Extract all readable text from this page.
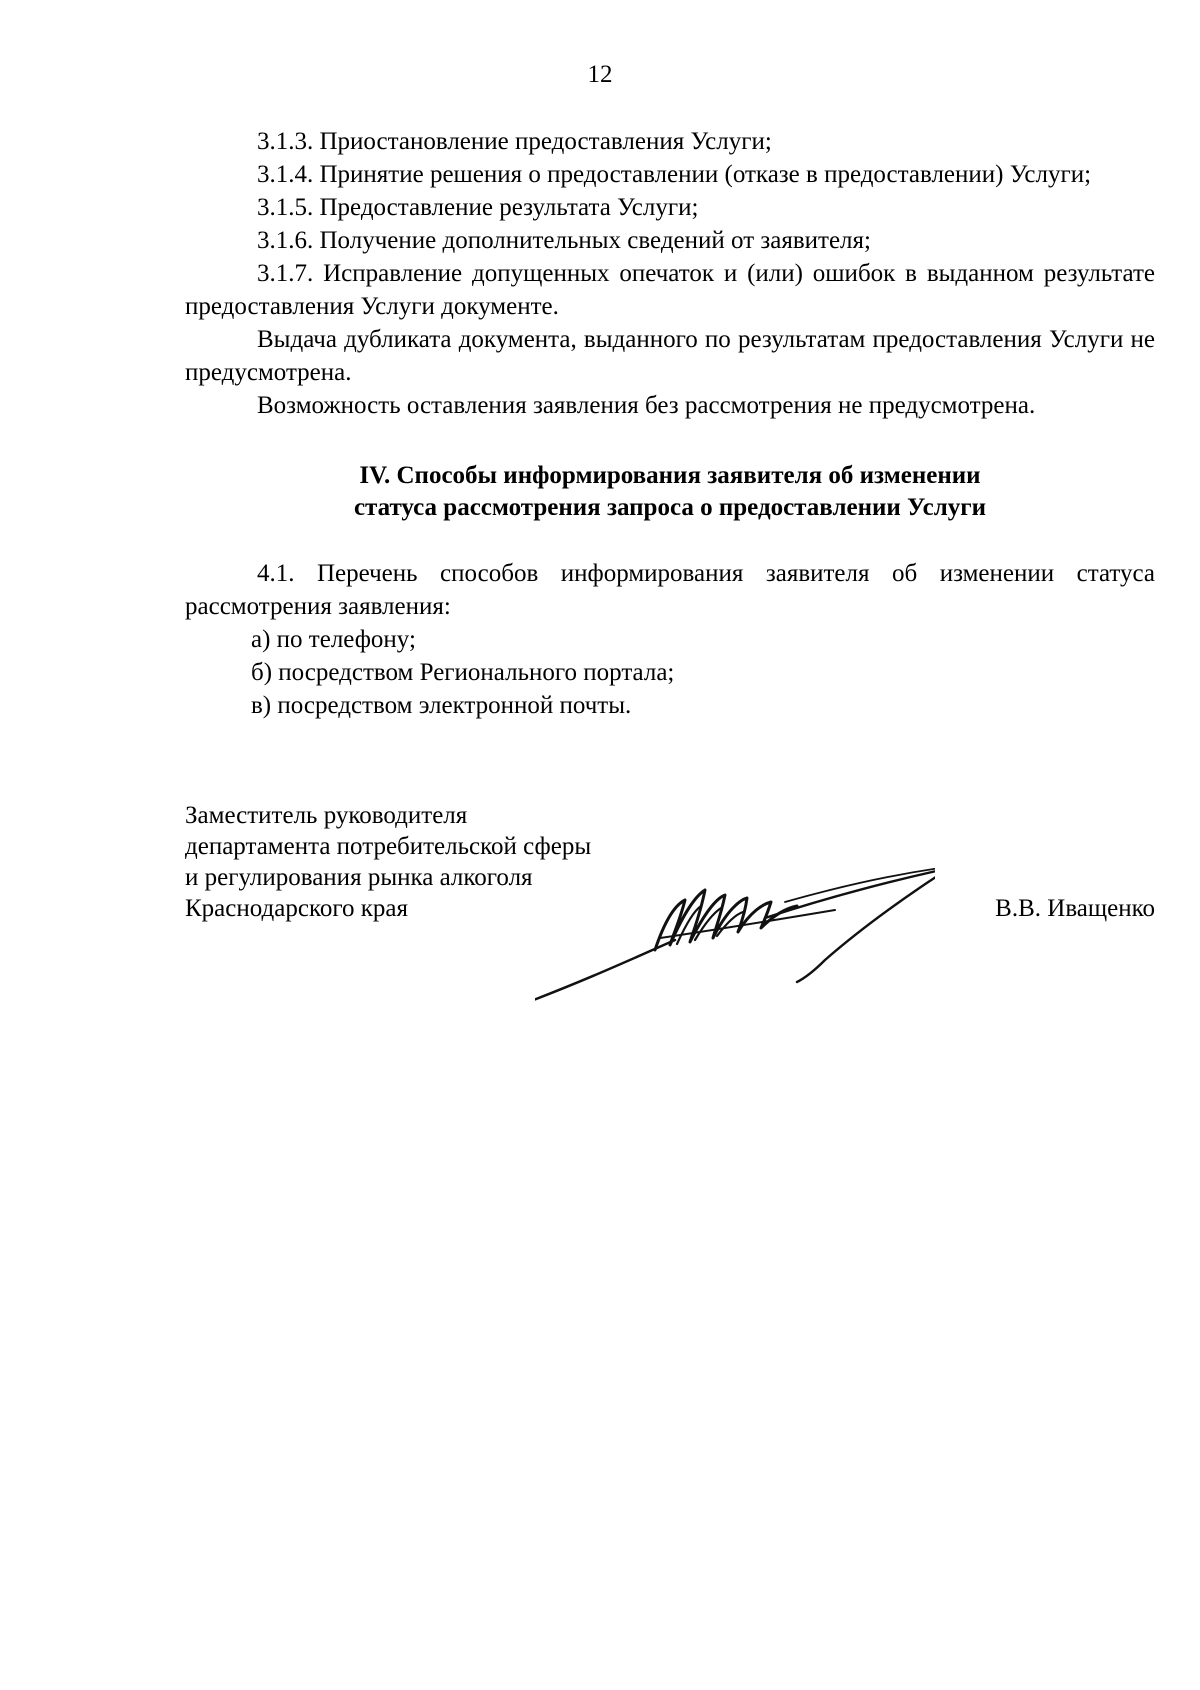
12

3.1.3. Приостановление предоставления Услуги;

3.1.4. Принятие решения о предоставлении (отказе в предоставлении) Услуги;

3.1.5. Предоставление результата Услуги;

3.1.6. Получение дополнительных сведений от заявителя;

3.1.7. Исправление допущенных опечаток и (или) ошибок в выданном результате предоставления Услуги документе.

Выдача дубликата документа, выданного по результатам предоставления Услуги не предусмотрена.

Возможность оставления заявления без рассмотрения не предусмотрена.

IV. Способы информирования заявителя об изменении
статуса рассмотрения запроса о предоставлении Услуги

4.1. Перечень способов информирования заявителя об изменении статуса рассмотрения заявления:

а) по телефону;

б) посредством Регионального портала;

в) посредством электронной почты.

Заместитель руководителя
департамента потребительской сферы
и регулирования рынка алкоголя
Краснодарского края	В.В. Иващенко
